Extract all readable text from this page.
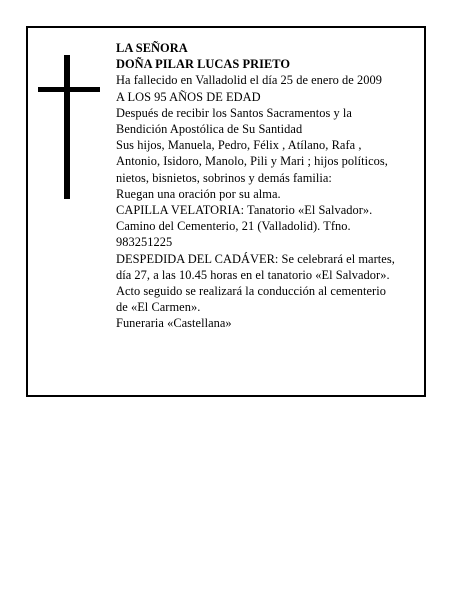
LA SEÑORA
DOÑA PILAR LUCAS PRIETO
Ha fallecido en Valladolid el día 25 de enero de 2009
A LOS 95 AÑOS DE EDAD
Después de recibir los Santos Sacramentos y la
Bendición Apostólica de Su Santidad
Sus hijos, Manuela, Pedro, Félix , Atílano, Rafa ,
Antonio, Isidoro, Manolo, Pili y Mari ; hijos políticos,
nietos, bisnietos, sobrinos y demás familia:
Ruegan una oración por su alma.
CAPILLA VELATORIA: Tanatorio «El Salvador».
Camino del Cementerio, 21 (Valladolid). Tfno.
983251225
DESPEDIDA DEL CADÁVER: Se celebrará el martes,
día 27, a las 10.45 horas en el tanatorio «El Salvador».
Acto seguido se realizará la conducción al cementerio
de «El Carmen».
Funeraria «Castellana»
